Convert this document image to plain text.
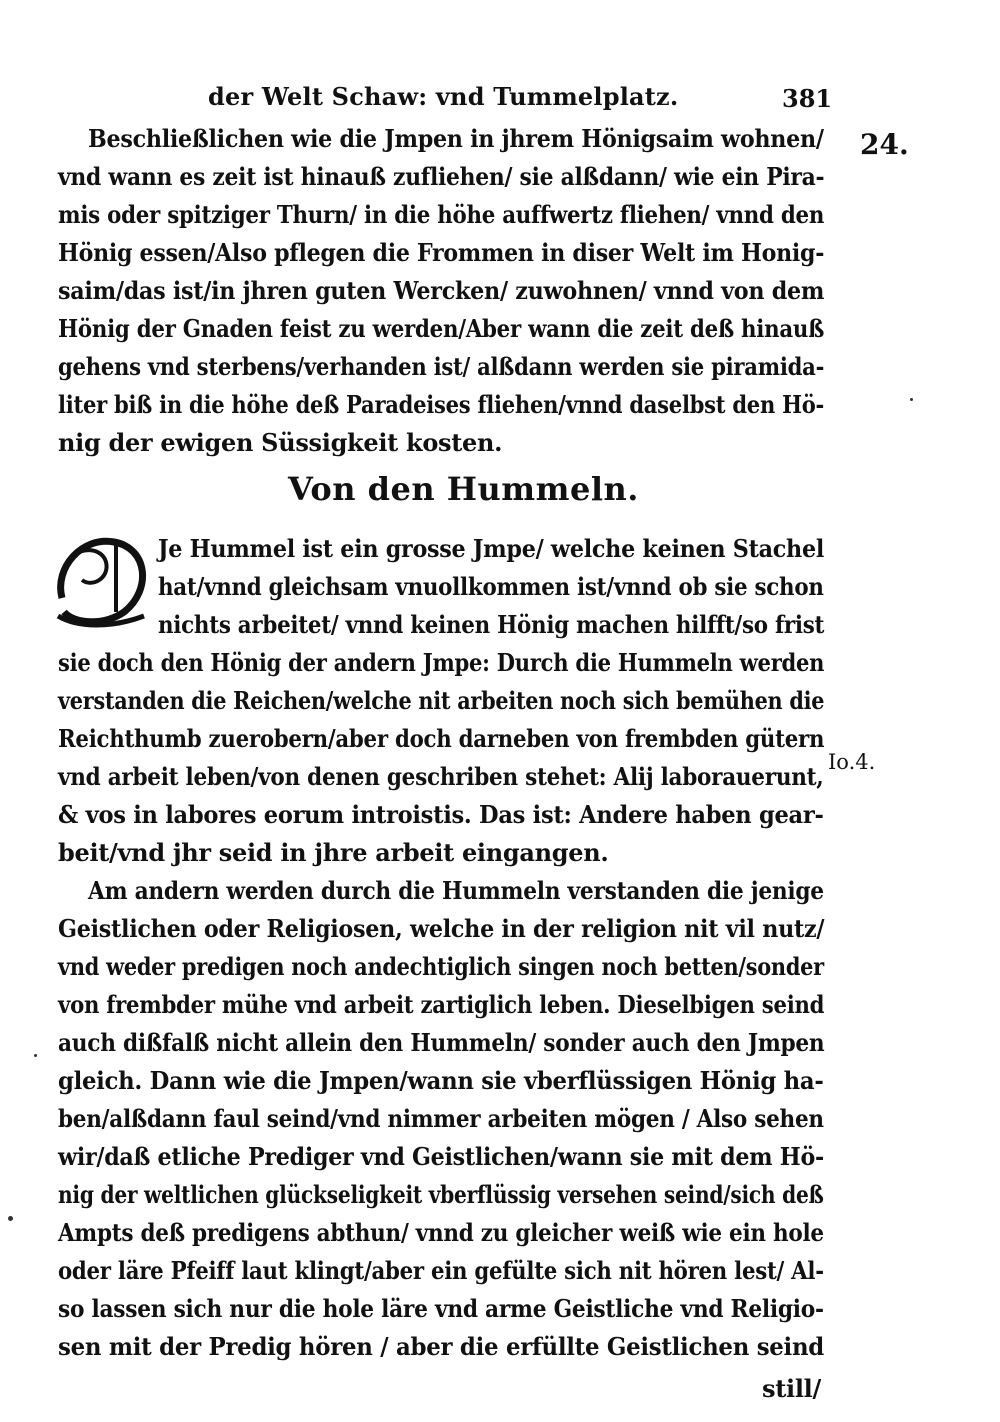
der Welt Schaw: vnd Tummelplatz.	381
24.
Beschließlichen wie die Jmpen in jhrem Hönigsaim wohnen/
vnd wann es zeit ist hinauß zufliehen/ sie alßdann/ wie ein Pira-
mis oder spitziger Thurn/ in die höhe auffwertz fliehen/ vnnd den
Hönig essen/Also pflegen die Frommen in diser Welt im Honig-
saim/das ist/in jhren guten Wercken/ zuwohnen/ vnnd von dem
Hönig der Gnaden feist zu werden/Aber wann die zeit deß hinauß
gehens vnd sterbens/verhanden ist/ alßdann werden sie piramida-
liter biß in die höhe deß Paradeises fliehen/vnnd daselbst den Hö-
nig der ewigen Süssigkeit kosten.
Von den Hummeln.
Je Hummel ist ein grosse Jmpe/ welche keinen Stachel
hat/vnnd gleichsam vnuollkommen ist/vnnd ob sie schon
nichts arbeitet/ vnnd keinen Hönig machen hilfft/so frist
sie doch den Hönig der andern Jmpe: Durch die Hummeln werden
verstanden die Reichen/welche nit arbeiten noch sich bemühen die
Reichthumb zuerobern/aber doch darneben von frembden gütern
vnd arbeit leben/von denen geschriben stehet: Alij laborauerunt,
& vos in labores eorum introistis. Das ist: Andere haben gear-
beit/vnd jhr seid in jhre arbeit eingangen.
Io.4.
Am andern werden durch die Hummeln verstanden die jenige
Geistlichen oder Religiosen, welche in der religion nit vil nutz/
vnd weder predigen noch andechtiglich singen noch betten/sonder
von frembder mühe vnd arbeit zartiglich leben. Dieselbigen seind
auch dißfalß nicht allein den Hummeln/ sonder auch den Jmpen
gleich. Dann wie die Jmpen/wann sie vberflüssigen Hönig ha-
ben/alßdann faul seind/vnd nimmer arbeiten mögen / Also sehen
wir/daß etliche Prediger vnd Geistlichen/wann sie mit dem Hö-
nig der weltlichen glückseligkeit vberflüssig versehen seind/sich deß
Ampts deß predigens abthun/ vnnd zu gleicher weiß wie ein hole
oder läre Pfeiff laut klingt/aber ein gefülte sich nit hören lest/ Al-
so lassen sich nur die hole läre vnd arme Geistliche vnd Religio-
sen mit der Predig hören / aber die erfüllte Geistlichen seind
still/
